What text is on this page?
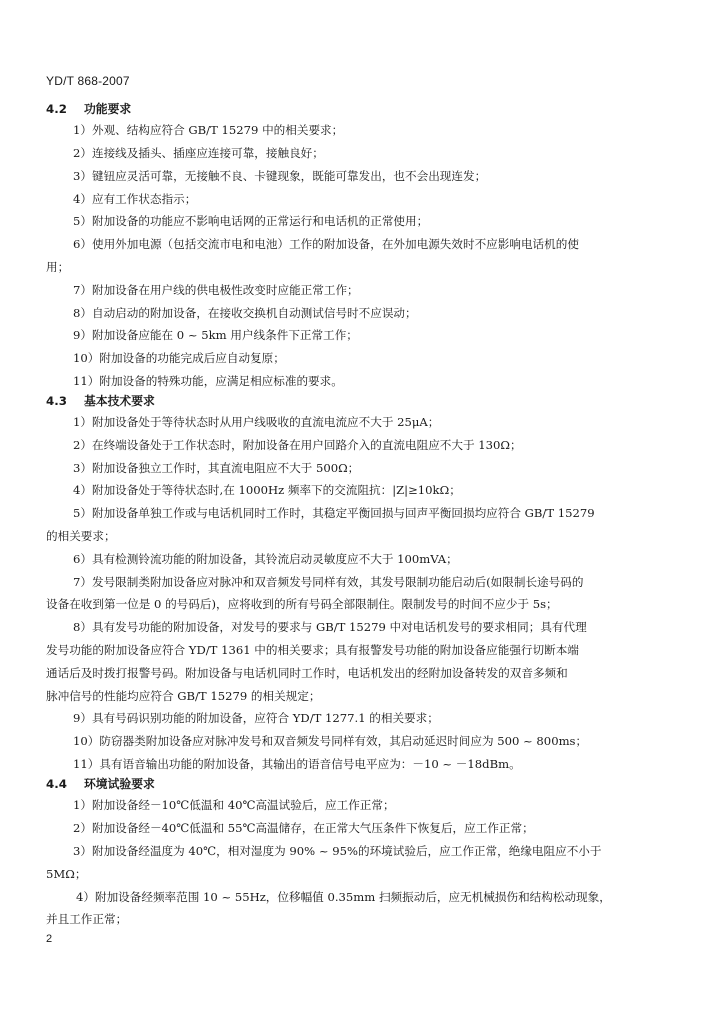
YD/T 868-2007
4.2 功能要求
1）外观、结构应符合 GB/T 15279 中的相关要求；
2）连接线及插头、插座应连接可靠，接触良好；
3）键钮应灵活可靠，无接触不良、卡键现象，既能可靠发出，也不会出现连发；
4）应有工作状态指示；
5）附加设备的功能应不影响电话网的正常运行和电话机的正常使用；
6）使用外加电源（包括交流市电和电池）工作的附加设备，在外加电源失效时不应影响电话机的使
用；
7）附加设备在用户线的供电极性改变时应能正常工作；
8）自动启动的附加设备，在接收交换机自动测试信号时不应误动；
9）附加设备应能在 0 ~ 5km 用户线条件下正常工作；
10）附加设备的功能完成后应自动复原；
11）附加设备的特殊功能，应满足相应标准的要求。
4.3 基本技术要求
1）附加设备处于等待状态时从用户线吸收的直流电流应不大于 25μA；
2）在终端设备处于工作状态时，附加设备在用户回路介入的直流电阻应不大于 130Ω；
3）附加设备独立工作时，其直流电阻应不大于 500Ω；
4）附加设备处于等待状态时,在 1000Hz 频率下的交流阻抗：|Z|≥10kΩ；
5）附加设备单独工作或与电话机同时工作时，其稳定平衡回损与回声平衡回损均应符合 GB/T 15279
的相关要求；
6）具有检测铃流功能的附加设备，其铃流启动灵敏度应不大于 100mVA；
7）发号限制类附加设备应对脉冲和双音频发号同样有效，其发号限制功能启动后(如限制长途号码的
设备在收到第一位是 0 的号码后)，应将收到的所有号码全部限制住。限制发号的时间不应少于 5s；
8）具有发号功能的附加设备，对发号的要求与 GB/T 15279 中对电话机发号的要求相同；具有代理
发号功能的附加设备应符合 YD/T 1361 中的相关要求；具有报警发号功能的附加设备应能强行切断本端
通话后及时拨打报警号码。附加设备与电话机同时工作时，电话机发出的经附加设备转发的双音多频和
脉冲信号的性能均应符合 GB/T 15279 的相关规定；
9）具有号码识别功能的附加设备，应符合 YD/T 1277.1 的相关要求；
10）防窃器类附加设备应对脉冲发号和双音频发号同样有效，其启动延迟时间应为 500 ~ 800ms；
11）具有语音输出功能的附加设备，其输出的语音信号电平应为：－10 ~ －18dBm。
4.4 环境试验要求
1）附加设备经－10℃低温和 40℃高温试验后，应工作正常；
2）附加设备经－40℃低温和 55℃高温储存，在正常大气压条件下恢复后，应工作正常；
3）附加设备经温度为 40℃，相对湿度为 90% ~ 95%的环境试验后，应工作正常，绝缘电阻应不小于
5MΩ；
4）附加设备经频率范围 10 ~ 55Hz，位移幅值 0.35mm 扫频振动后，应无机械损伤和结构松动现象，
并且工作正常；
2
